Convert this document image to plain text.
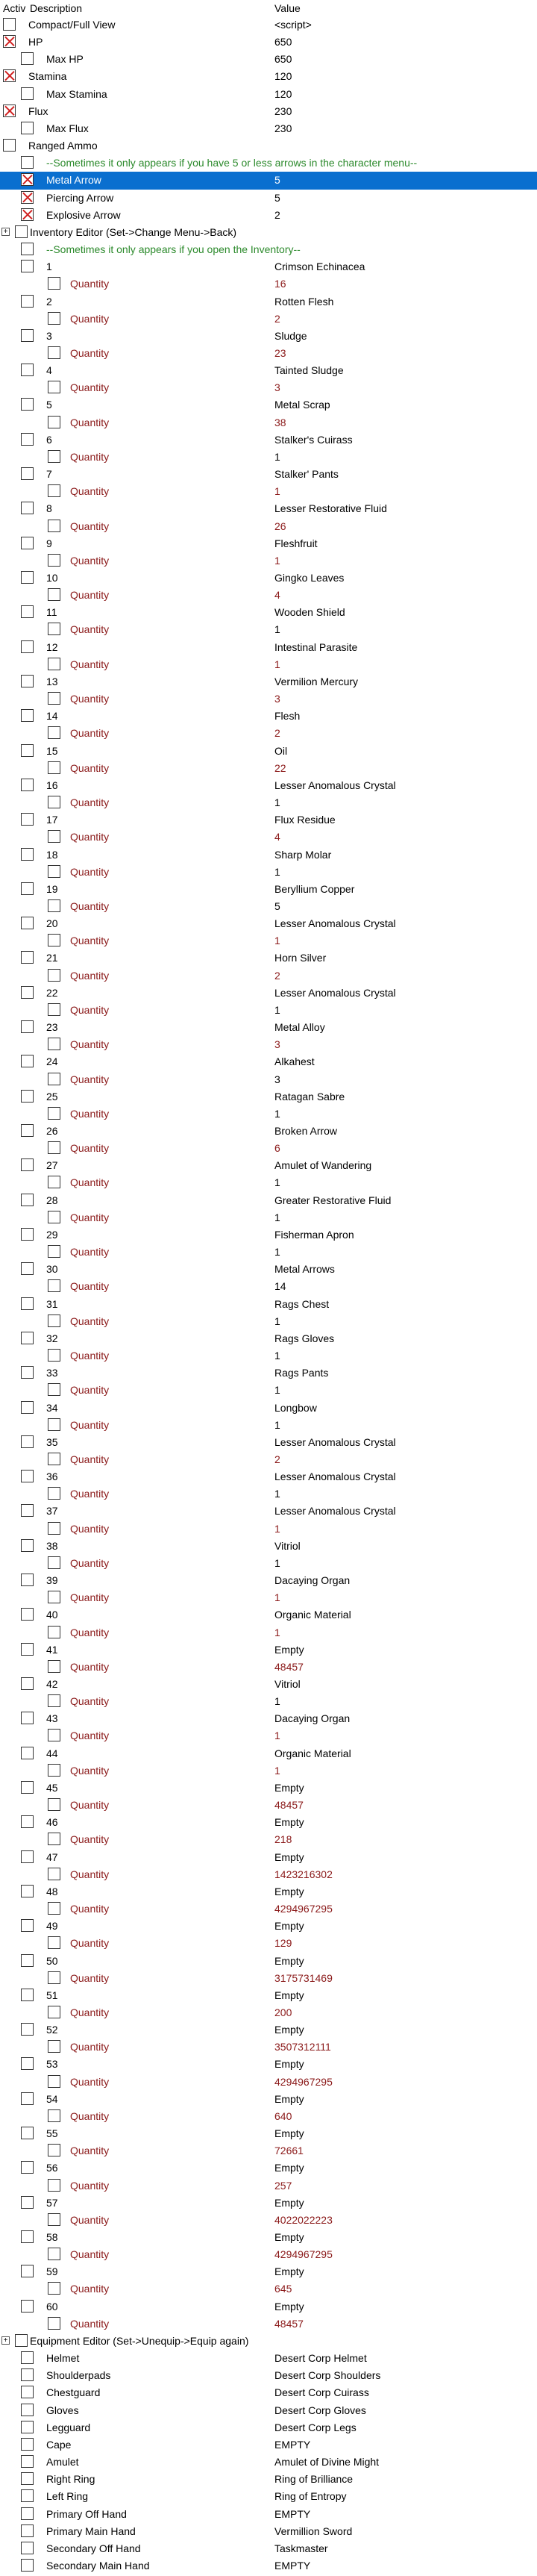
Activ Description	Value
Compact/Full View	<script>
HP	650
Max HP	650
Stamina	120
Max Stamina	120
Flux	230
Max Flux	230
Ranged Ammo
--Sometimes it only appears if you have 5 or less arrows in the character menu--
Metal Arrow	5
Piercing Arrow	5
Explosive Arrow	2
+ Inventory Editor (Set->Change Menu->Back)
--Sometimes it only appears if you open the Inventory--
1	Crimson Echinacea
Quantity	16
2	Rotten Flesh
Quantity	2
3	Sludge
Quantity	23
4	Tainted Sludge
Quantity	3
5	Metal Scrap
Quantity	38
6	Stalker's Cuirass
Quantity	1
7	Stalker' Pants
Quantity	1
8	Lesser Restorative Fluid
Quantity	26
9	Fleshfruit
Quantity	1
10	Gingko Leaves
Quantity	4
11	Wooden Shield
Quantity	1
12	Intestinal Parasite
Quantity	1
13	Vermilion Mercury
Quantity	3
14	Flesh
Quantity	2
15	Oil
Quantity	22
16	Lesser Anomalous Crystal
Quantity	1
17	Flux Residue
Quantity	4
18	Sharp Molar
Quantity	1
19	Beryllium Copper
Quantity	5
20	Lesser Anomalous Crystal
Quantity	1
21	Horn Silver
Quantity	2
22	Lesser Anomalous Crystal
Quantity	1
23	Metal Alloy
Quantity	3
24	Alkahest
Quantity	3
25	Ratagan Sabre
Quantity	1
26	Broken Arrow
Quantity	6
27	Amulet of Wandering
Quantity	1
28	Greater Restorative Fluid
Quantity	1
29	Fisherman Apron
Quantity	1
30	Metal Arrows
Quantity	14
31	Rags Chest
Quantity	1
32	Rags Gloves
Quantity	1
33	Rags Pants
Quantity	1
34	Longbow
Quantity	1
35	Lesser Anomalous Crystal
Quantity	2
36	Lesser Anomalous Crystal
Quantity	1
37	Lesser Anomalous Crystal
Quantity	1
38	Vitriol
Quantity	1
39	Dacaying Organ
Quantity	1
40	Organic Material
Quantity	1
41	Empty
Quantity	48457
42	Vitriol
Quantity	1
43	Dacaying Organ
Quantity	1
44	Organic Material
Quantity	1
45	Empty
Quantity	48457
46	Empty
Quantity	218
47	Empty
Quantity	1423216302
48	Empty
Quantity	4294967295
49	Empty
Quantity	129
50	Empty
Quantity	3175731469
51	Empty
Quantity	200
52	Empty
Quantity	3507312111
53	Empty
Quantity	4294967295
54	Empty
Quantity	640
55	Empty
Quantity	72661
56	Empty
Quantity	257
57	Empty
Quantity	4022022223
58	Empty
Quantity	4294967295
59	Empty
Quantity	645
60	Empty
Quantity	48457
+ Equipment Editor (Set->Unequip->Equip again)
Helmet	Desert Corp Helmet
Shoulderpads	Desert Corp Shoulders
Chestguard	Desert Corp Cuirass
Gloves	Desert Corp Gloves
Legguard	Desert Corp Legs
Cape	EMPTY
Amulet	Amulet of Divine Might
Right Ring	Ring of Brilliance
Left Ring	Ring of Entropy
Primary Off Hand	EMPTY
Primary Main Hand	Vermillion Sword
Secondary Off Hand	Taskmaster
Secondary Main Hand	EMPTY
